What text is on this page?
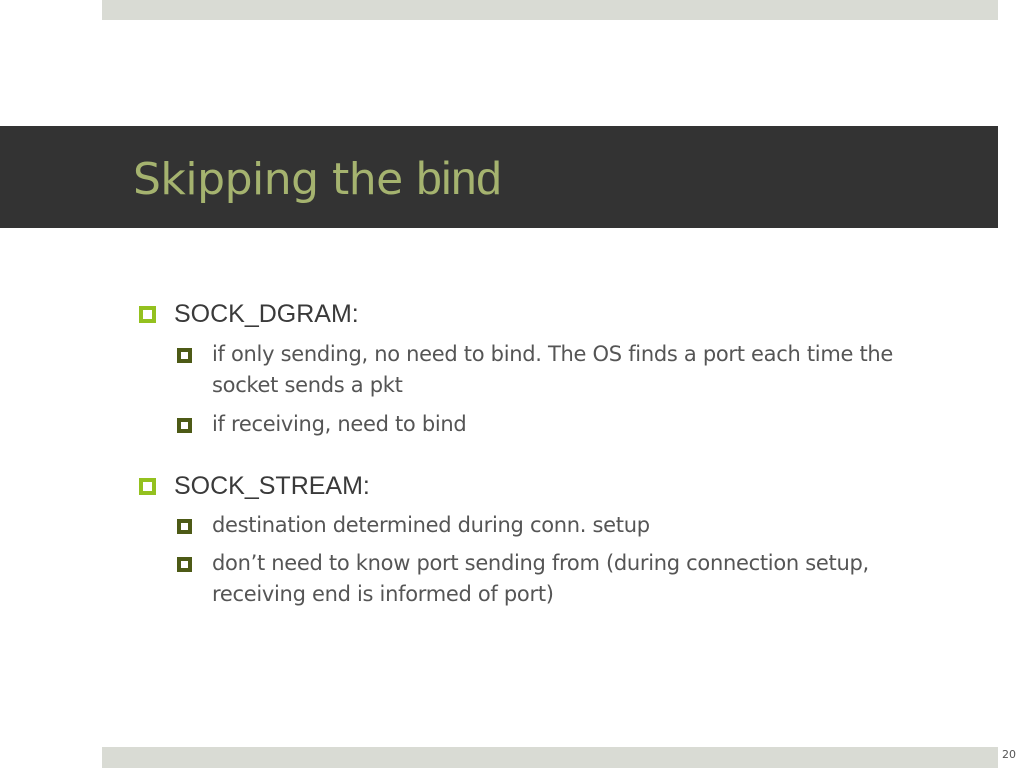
Skipping the bind
SOCK_DGRAM:
if only sending, no need to bind. The OS finds a port each time the socket sends a pkt
if receiving, need to bind
SOCK_STREAM:
destination determined during conn. setup
don’t need to know port sending from (during connection setup, receiving end is informed of port)
20
